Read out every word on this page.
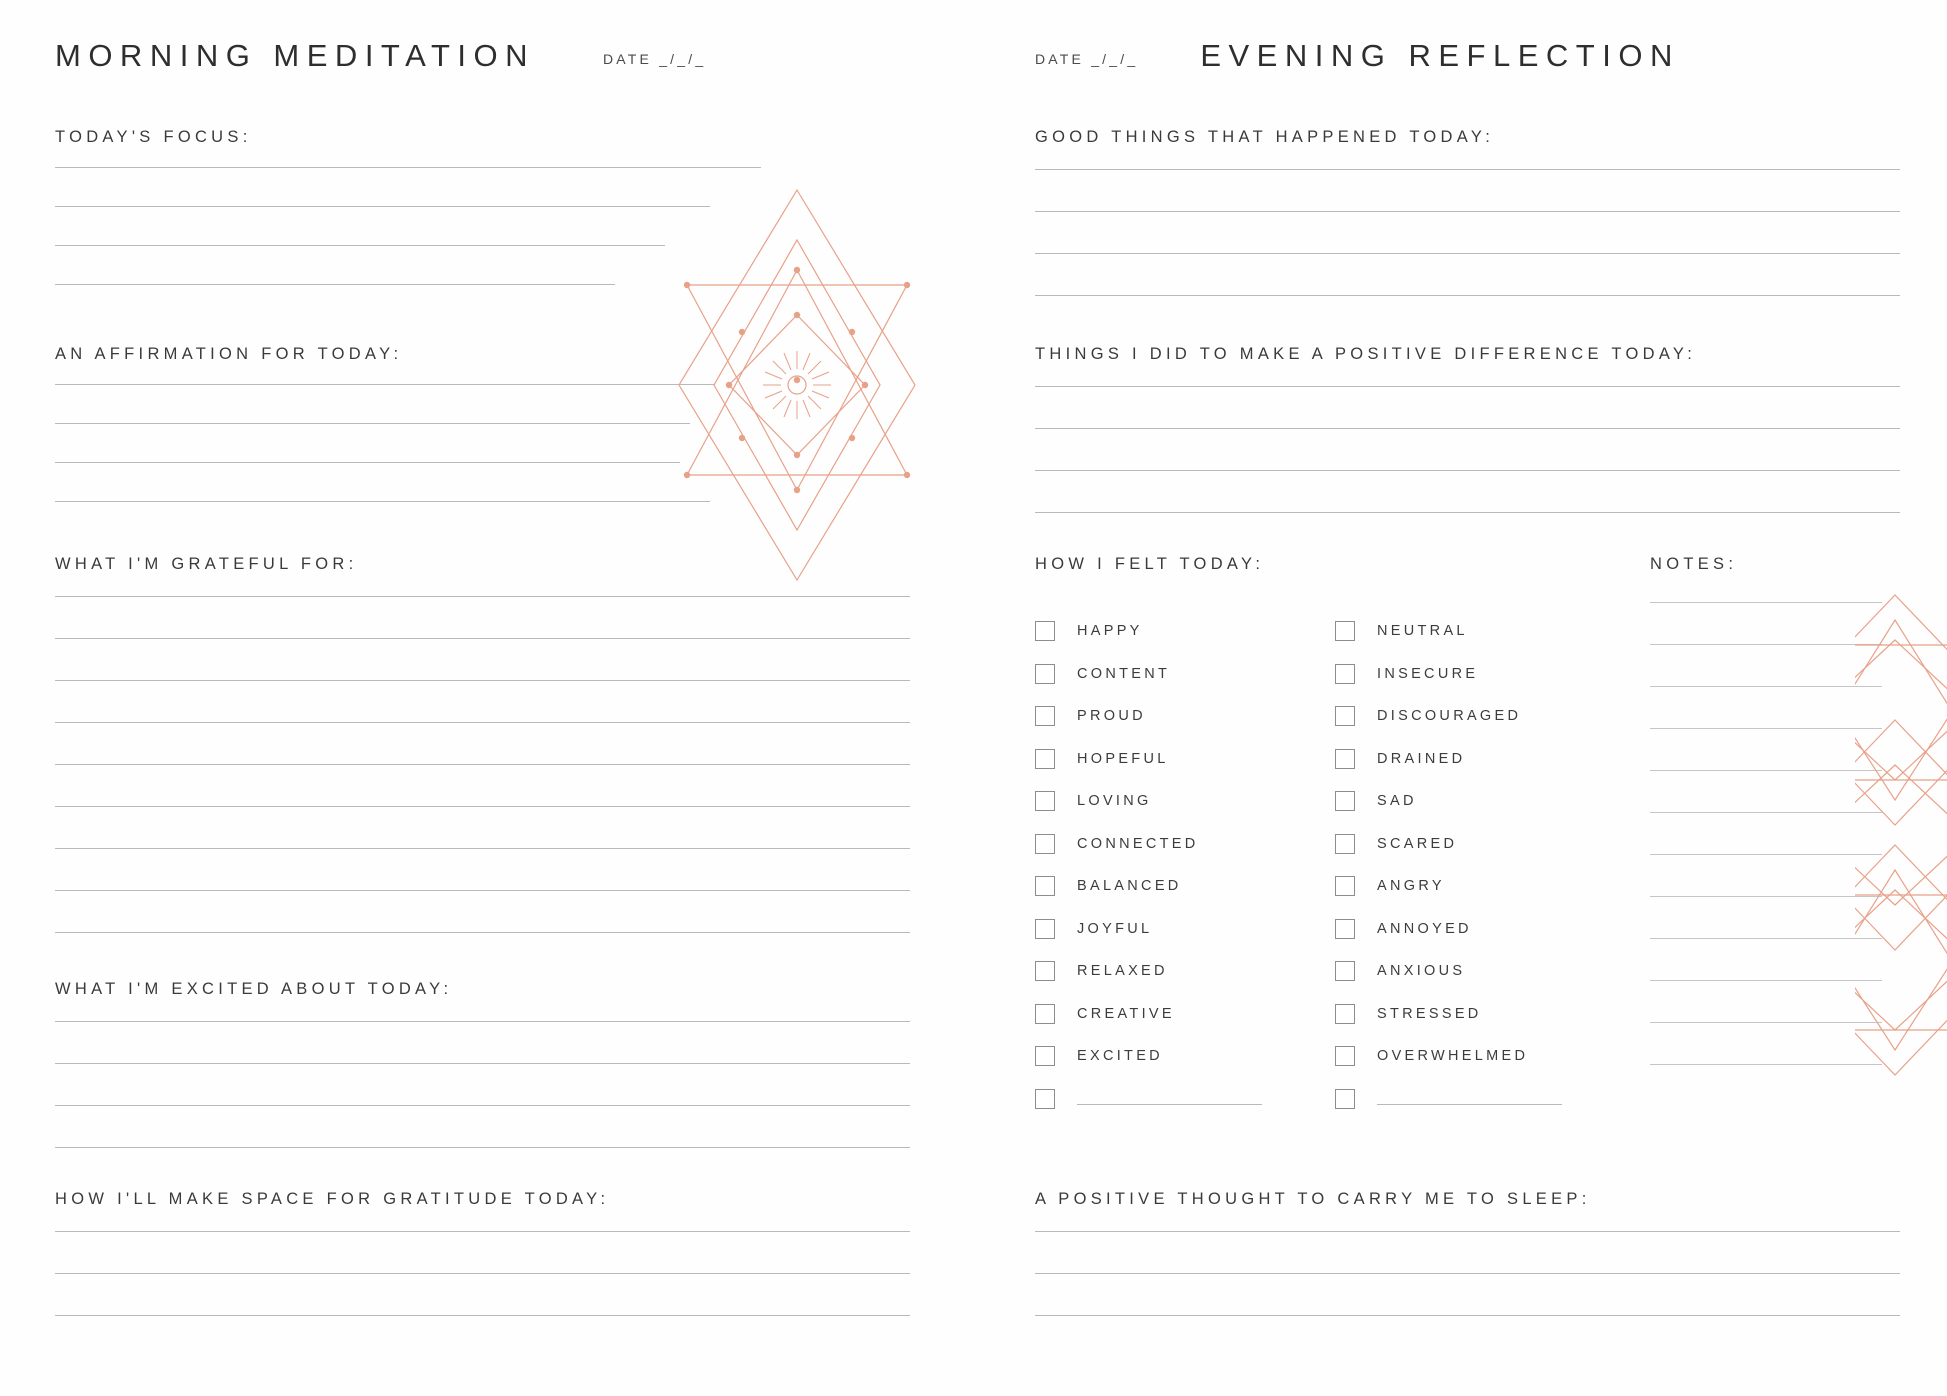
MORNING MEDITATION	DATE _/_/_
TODAY'S FOCUS:
AN AFFIRMATION FOR TODAY:
WHAT I'M GRATEFUL FOR:
WHAT I'M EXCITED ABOUT TODAY:
HOW I'LL MAKE SPACE FOR GRATITUDE TODAY:
DATE _/_/_ EVENING REFLECTION
GOOD THINGS THAT HAPPENED TODAY:
THINGS I DID TO MAKE A POSITIVE DIFFERENCE TODAY:
HOW I FELT TODAY:
HAPPY
CONTENT
PROUD
HOPEFUL
LOVING
CONNECTED
BALANCED
JOYFUL
RELAXED
CREATIVE
EXCITED
NEUTRAL
INSECURE
DISCOURAGED
DRAINED
SAD
SCARED
ANGRY
ANNOYED
ANXIOUS
STRESSED
OVERWHELMED
NOTES:
A POSITIVE THOUGHT TO CARRY ME TO SLEEP:
